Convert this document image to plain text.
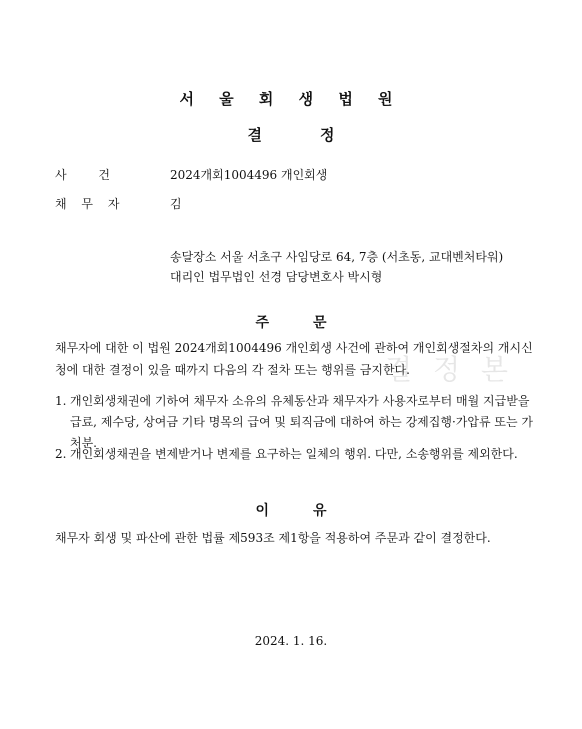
결 정 본
서 울 회 생 법 원
결정
사 건	2024개회1004496 개인회생
채 무 자	김
송달장소 서울 서초구 사임당로 64, 7층 (서초동, 교대벤처타워)
대리인 법무법인 선경 담당변호사 박시형
주문
채무자에 대한 이 법원 2024개회1004496 개인회생 사건에 관하여 개인회생절차의 개시신청에 대한 결정이 있을 때까지 다음의 각 절차 또는 행위를 금지한다.
1. 개인회생채권에 기하여 채무자 소유의 유체동산과 채무자가 사용자로부터 매월 지급받을 급료, 제수당, 상여금 기타 명목의 급여 및 퇴직금에 대하여 하는 강제집행·가압류 또는 가처분.
2. 개인회생채권을 변제받거나 변제를 요구하는 일체의 행위. 다만, 소송행위를 제외한다.
이유
채무자 회생 및 파산에 관한 법률 제593조 제1항을 적용하여 주문과 같이 결정한다.
2024. 1. 16.
